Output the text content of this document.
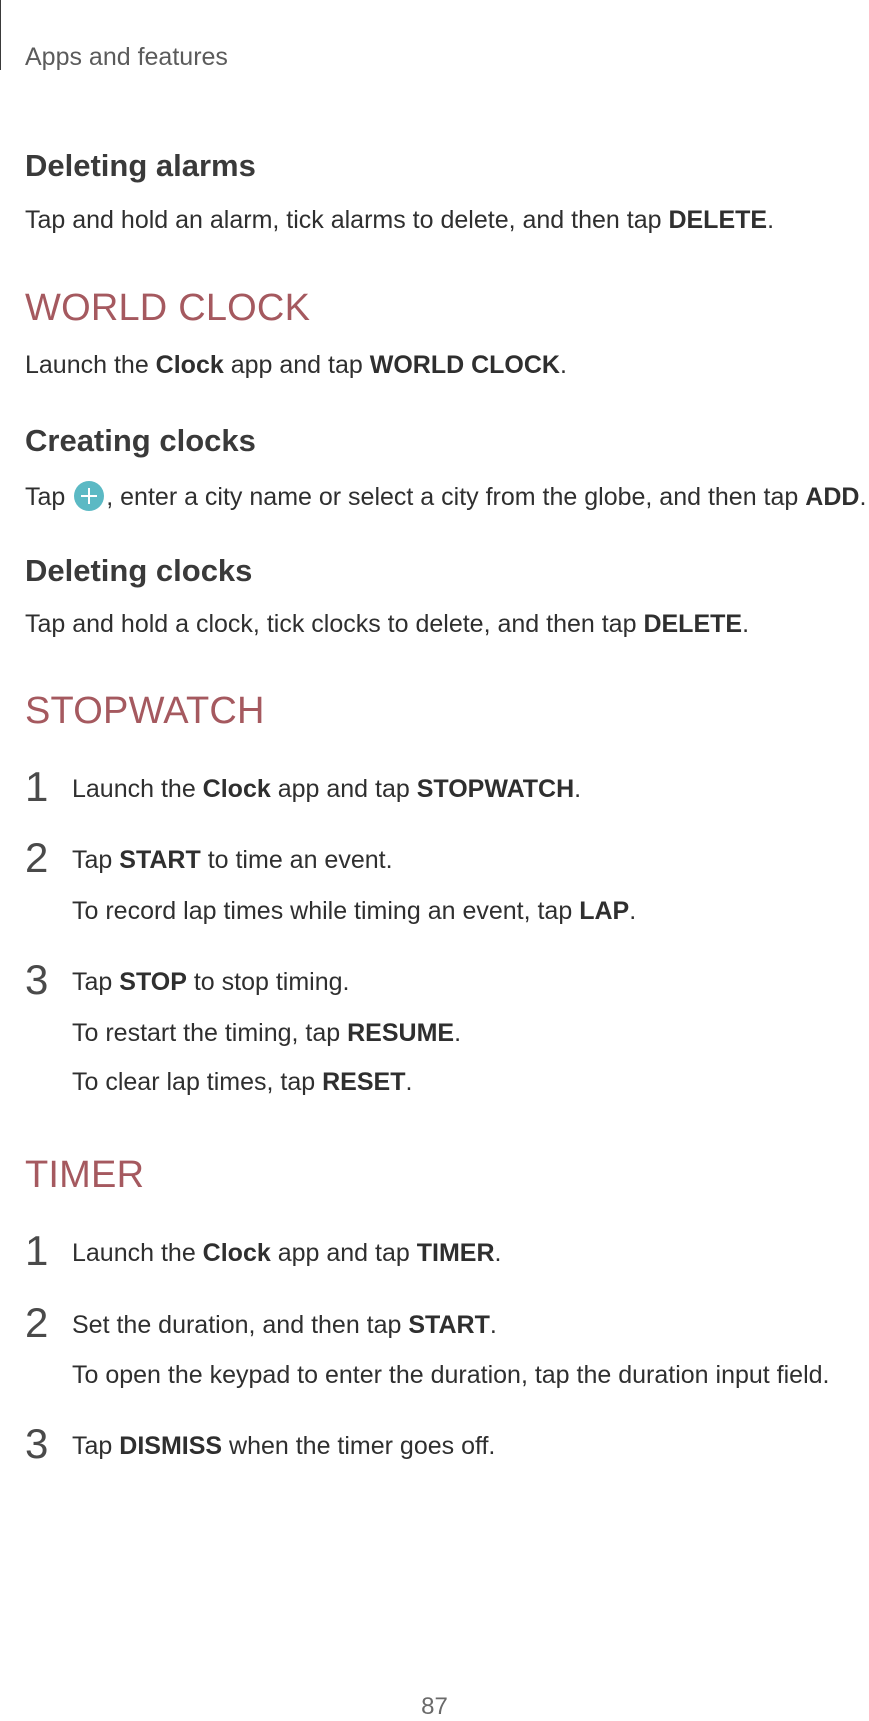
Apps and features
Deleting alarms
Tap and hold an alarm, tick alarms to delete, and then tap DELETE.
WORLD CLOCK
Launch the Clock app and tap WORLD CLOCK.
Creating clocks
Tap , enter a city name or select a city from the globe, and then tap ADD.
Deleting clocks
Tap and hold a clock, tick clocks to delete, and then tap DELETE.
STOPWATCH
1 Launch the Clock app and tap STOPWATCH.
2 Tap START to time an event.
To record lap times while timing an event, tap LAP.
3 Tap STOP to stop timing.
To restart the timing, tap RESUME.
To clear lap times, tap RESET.
TIMER
1 Launch the Clock app and tap TIMER.
2 Set the duration, and then tap START.
To open the keypad to enter the duration, tap the duration input field.
3 Tap DISMISS when the timer goes off.
87
